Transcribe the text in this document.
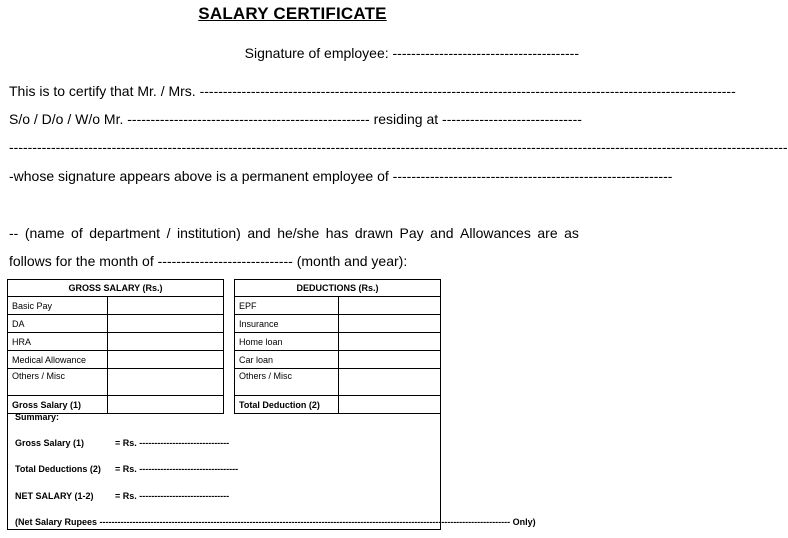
SALARY CERTIFICATE
Signature of employee: ----------------------------------------
This is to certify that Mr. / Mrs. -------------------------------------------------------------------------------------------------------------------
S/o / D/o / W/o Mr. ---------------------------------------------------- residing at ------------------------------
-----------------------------------------------------------------------------------------------------------------------------------------------------------------------
-whose signature appears above is a permanent employee of ------------------------------------------------------------
-- (name of department / institution) and he/she has drawn Pay and Allowances are as
follows for the month of ----------------------------- (month and year):
GROSS SALARY (Rs.)	
Basic Pay	
DA	
HRA	
Medical Allowance	
Others / Misc	
Gross Salary (1)	
DEDUCTIONS (Rs.)	
EPF	
Insurance	
Home loan	
Car loan	
Others / Misc	
Total Deduction (2)	
Summary:
Gross Salary (1)	= Rs. ------------------------------
Total Deductions (2) = Rs. ---------------------------------
NET SALARY (1-2) = Rs. ------------------------------
(Net Salary Rupees ----------------------------------------------------------------------------------------------------------------------------------------- Only)
